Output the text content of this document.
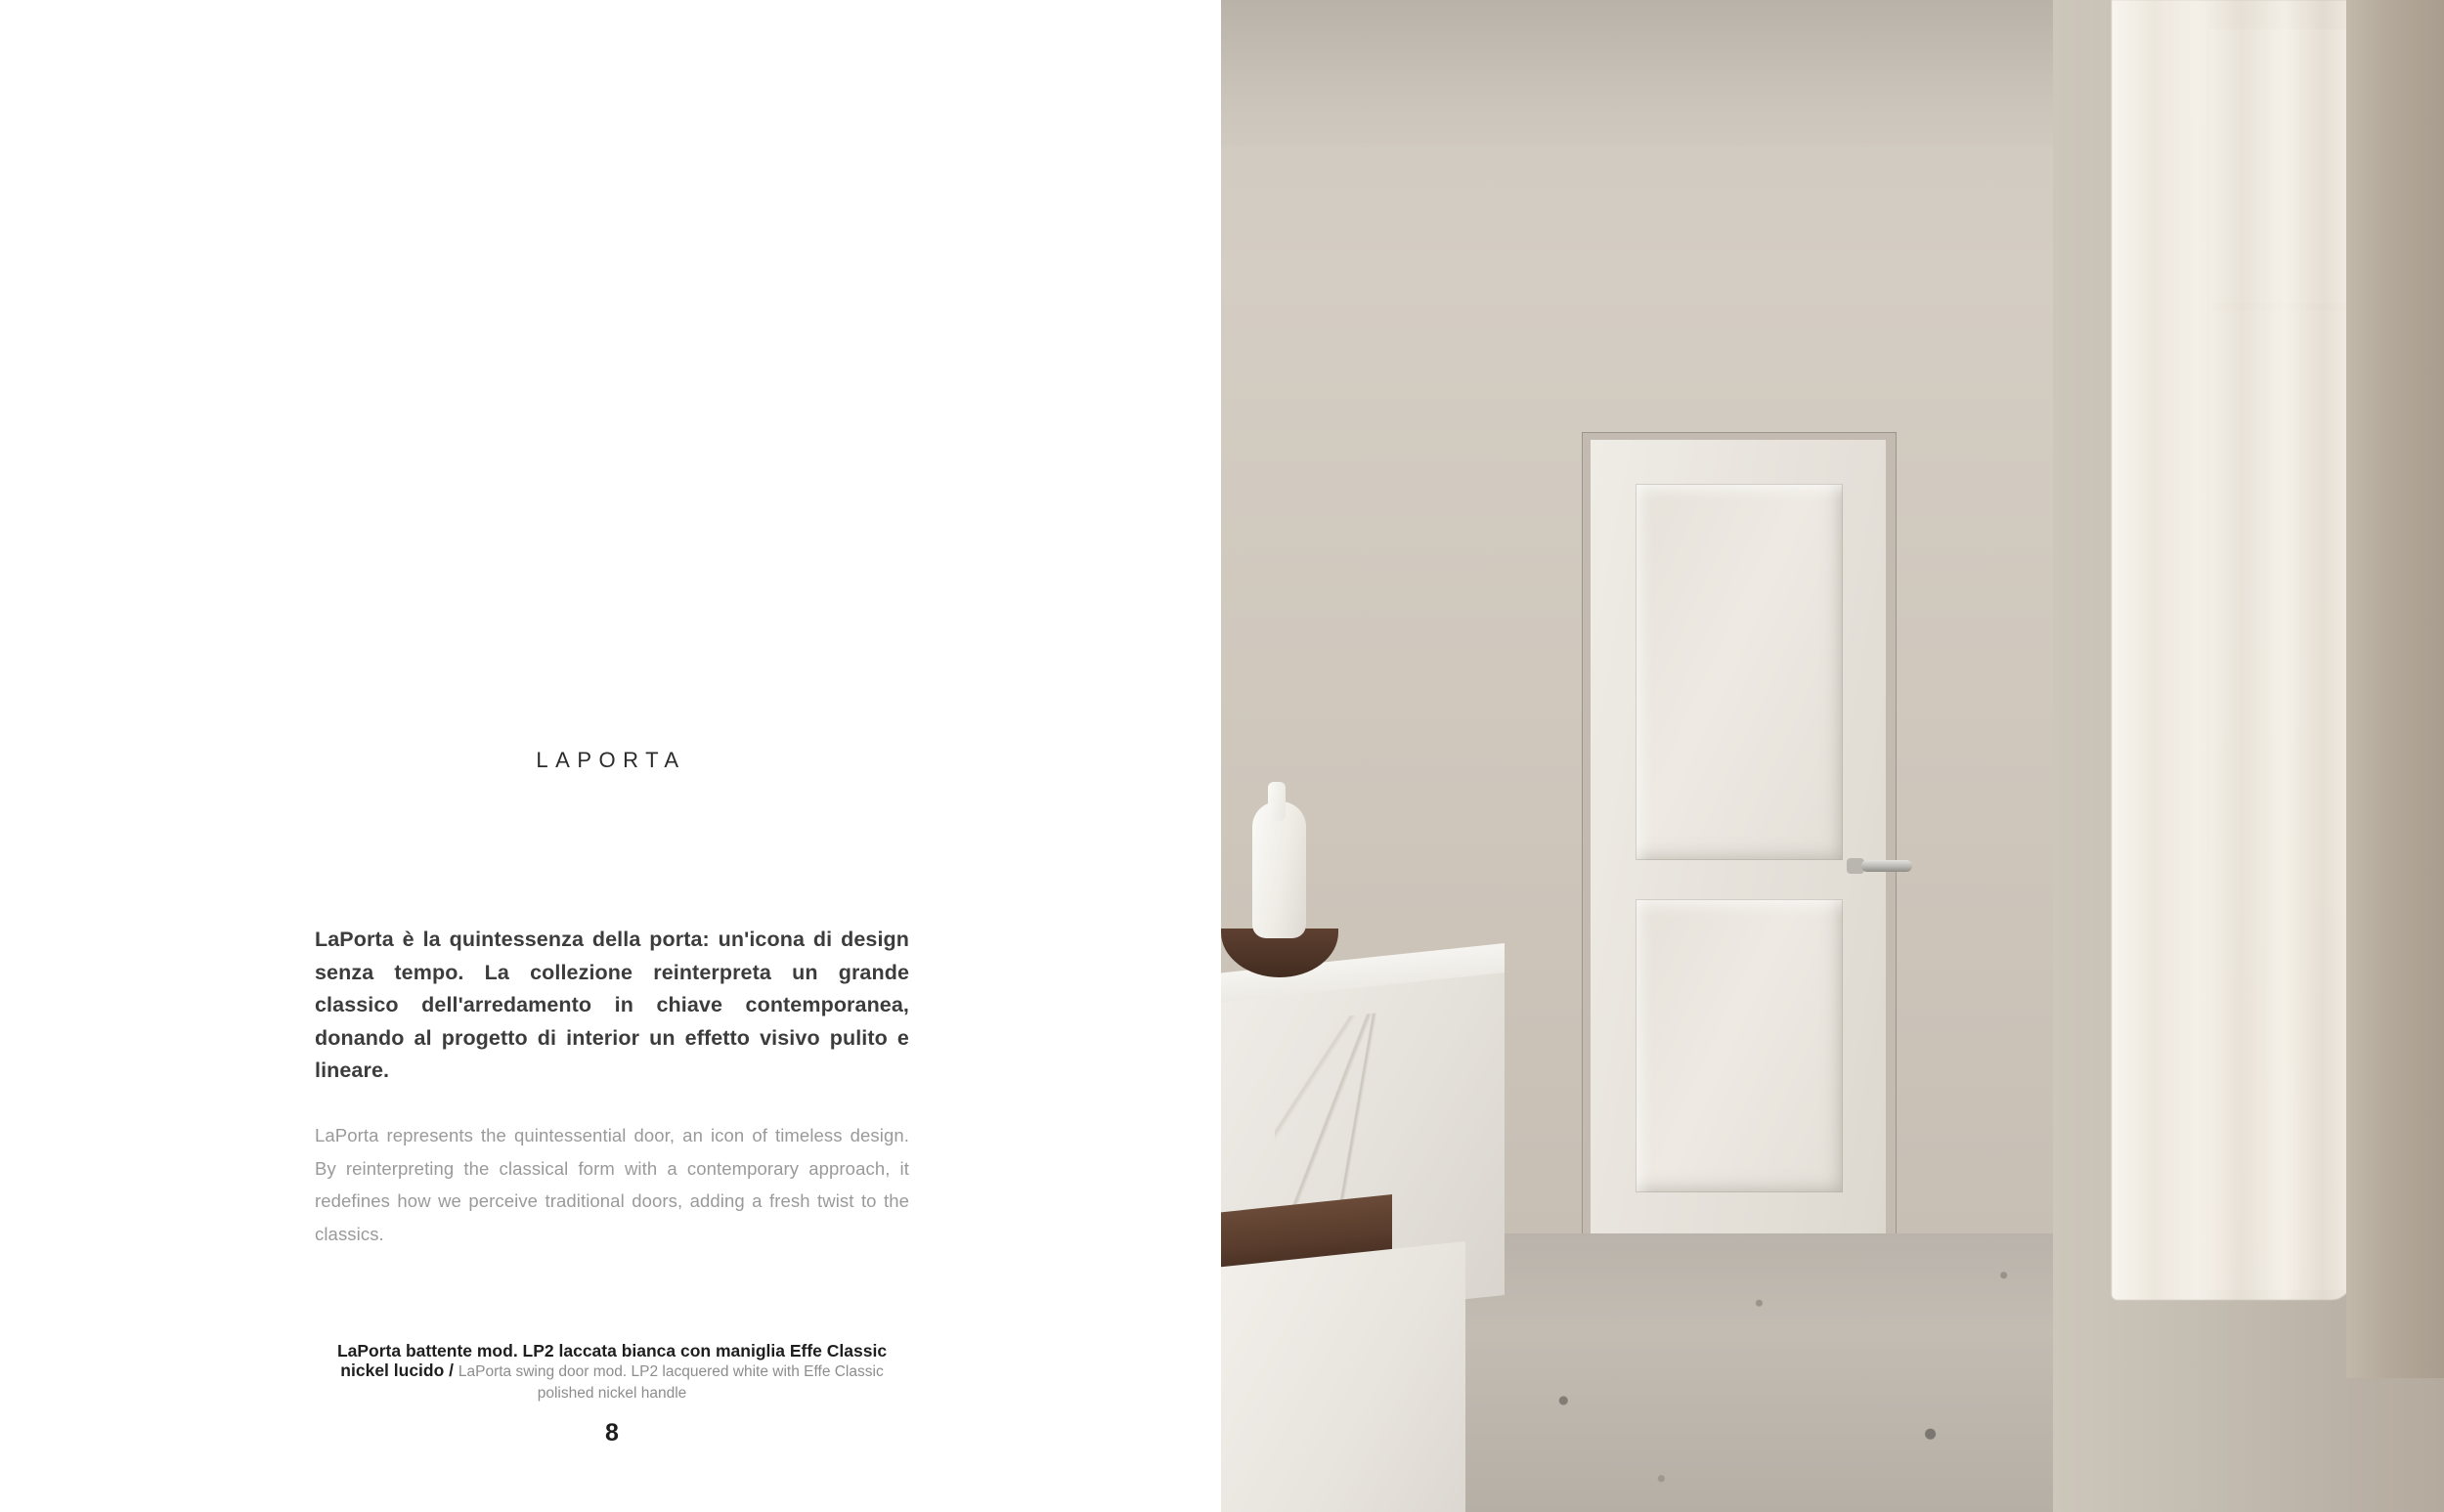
LAPORTA
LaPorta è la quintessenza della porta: un'icona di design senza tempo. La collezione reinterpreta un grande classico dell'arredamento in chiave contemporanea, donando al progetto di interior un effetto visivo pulito e lineare.
LaPorta represents the quintessential door, an icon of timeless design. By reinterpreting the classical form with a contemporary approach, it redefines how we perceive traditional doors, adding a fresh twist to the classics.
LaPorta battente mod. LP2 laccata bianca con maniglia Effe Classic nickel lucido / LaPorta swing door mod. LP2 lacquered white with Effe Classic polished nickel handle
8
